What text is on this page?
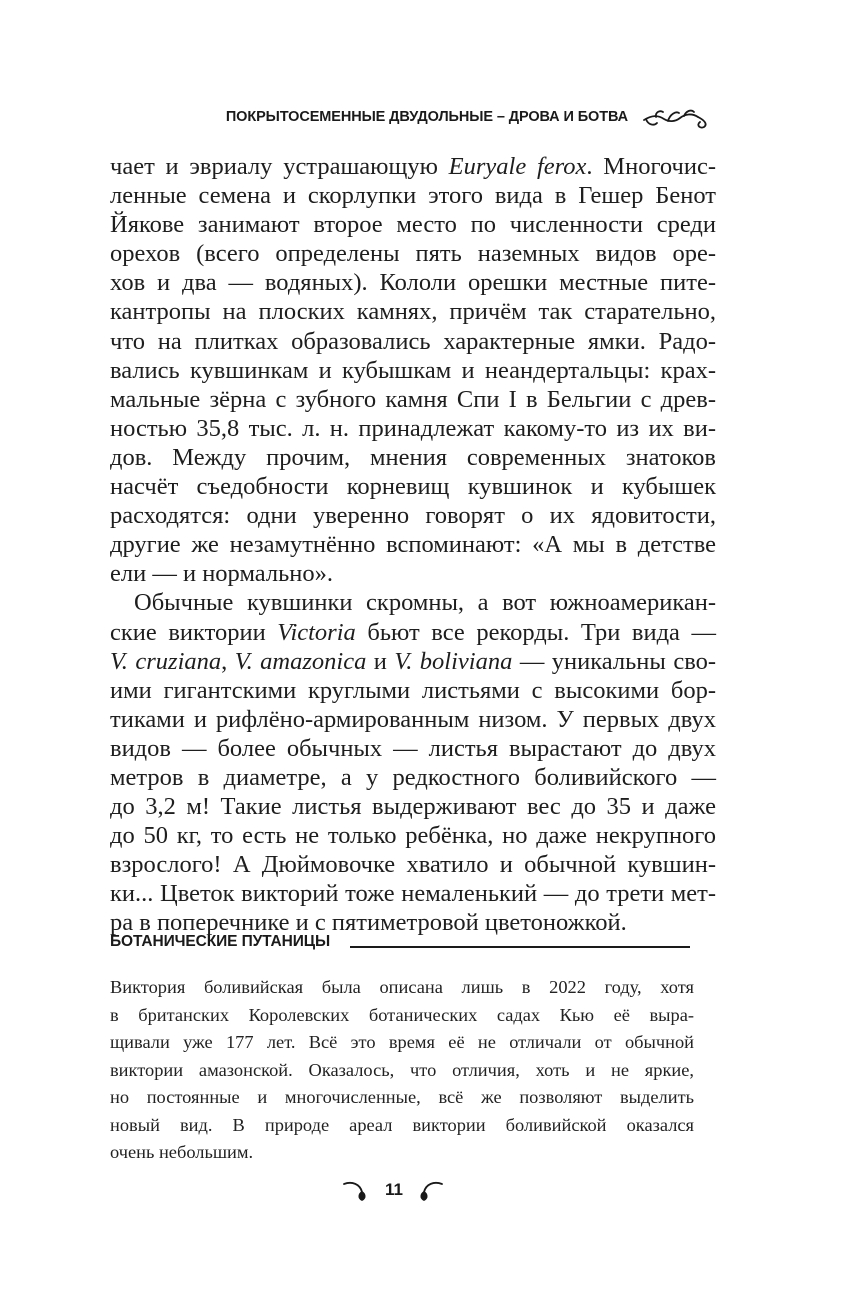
ПОКРЫТОСЕМЕННЫЕ ДВУДОЛЬНЫЕ – ДРОВА И БОТВА
чает и эвриалу устрашающую Euryale ferox. Многочис-
ленные семена и скорлупки этого вида в Гешер Бенот
Йякове занимают второе место по численности среди
орехов (всего определены пять наземных видов оре-
хов и два — водяных). Кололи орешки местные пите-
кантропы на плоских камнях, причём так старательно,
что на плитках образовались характерные ямки. Радо-
вались кувшинкам и кубышкам и неандертальцы: крах-
мальные зёрна с зубного камня Спи I в Бельгии с древ-
ностью 35,8 тыс. л. н. принадлежат какому-то из их ви-
дов. Между прочим, мнения современных знатоков
насчёт съедобности корневищ кувшинок и кубышек
расходятся: одни уверенно говорят о их ядовитости,
другие же незамутнённо вспоминают: «А мы в детстве
ели — и нормально».
Обычные кувшинки скромны, а вот южноамерикан-
ские виктории Victoria бьют все рекорды. Три вида —
V. cruziana, V. amazonica и V. boliviana — уникальны сво-
ими гигантскими круглыми листьями с высокими бор-
тиками и рифлёно-армированным низом. У первых двух
видов — более обычных — листья вырастают до двух
метров в диаметре, а у редкостного боливийского —
до 3,2 м! Такие листья выдерживают вес до 35 и даже
до 50 кг, то есть не только ребёнка, но даже некрупного
взрослого! А Дюймовочке хватило и обычной кувшин-
ки... Цветок викторий тоже немаленький — до трети мет-
ра в поперечнике и с пятиметровой цветоножкой.
БОТАНИЧЕСКИЕ ПУТАНИЦЫ
Виктория боливийская была описана лишь в 2022 году, хотя
в британских Королевских ботанических садах Кью её выра-
щивали уже 177 лет. Всё это время её не отличали от обычной
виктории амазонской. Оказалось, что отличия, хоть и не яркие,
но постоянные и многочисленные, всё же позволяют выделить
новый вид. В природе ареал виктории боливийской оказался
очень небольшим.
11
